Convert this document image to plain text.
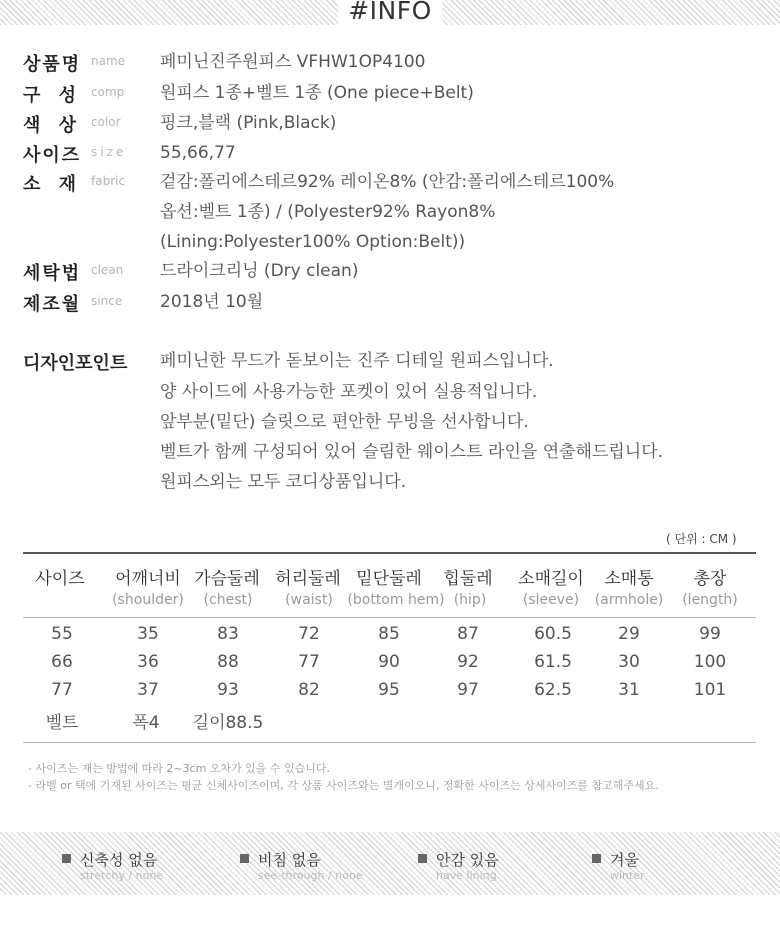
#INFO
상품명 name 페미닌진주원피스 VFHW1OP4100
구 성 comp 원피스 1종+벨트 1종 (One piece+Belt)
색 상 color 핑크,블랙 (Pink,Black)
사이즈 size 55,66,77
소 재 fabric 겉감:폴리에스테르92% 레이온8% (안감:폴리에스테르100%
옵션:벨트 1종) / (Polyester92% Rayon8%
(Lining:Polyester100% Option:Belt))
세탁법 clean 드라이크리닝 (Dry clean)
제조월 since 2018년 10월
디자인포인트 페미닌한 무드가 돋보이는 진주 디테일 원피스입니다.
양 사이드에 사용가능한 포켓이 있어 실용적입니다.
앞부분(밑단) 슬릿으로 편안한 무빙을 선사합니다.
벨트가 함께 구성되어 있어 슬림한 웨이스트 라인을 연출해드립니다.
원피스외는 모두 코디상품입니다.
( 단위 : CM )
사이즈 어깨너비 가슴둘레 허리둘레 밑단둘레 힙둘레 소매길이 소매통 총장
(shoulder) (chest) (waist) (bottom hem) (hip)	(sleeve) (armhole) (length)
55	35	83	72	85	87	60.5	29	99
66	36	88	77	90	92	61.5	30	100
77	37	93	82	95	97	62.5	31	101
벨트	폭4 길이88.5
- 사이즈는 재는 방법에 따라 2~3cm 오차가 있을 수 있습니다.
- 라벨 or 택에 기재된 사이즈는 평균 신체사이즈이며, 각 상품 사이즈와는 별개이오니, 정확한 사이즈는 상세사이즈를 참고해주세요.
신축성 없음
stretchy / none
비침 없음
see-through / none
안감 있음
have lining
겨울
winter
